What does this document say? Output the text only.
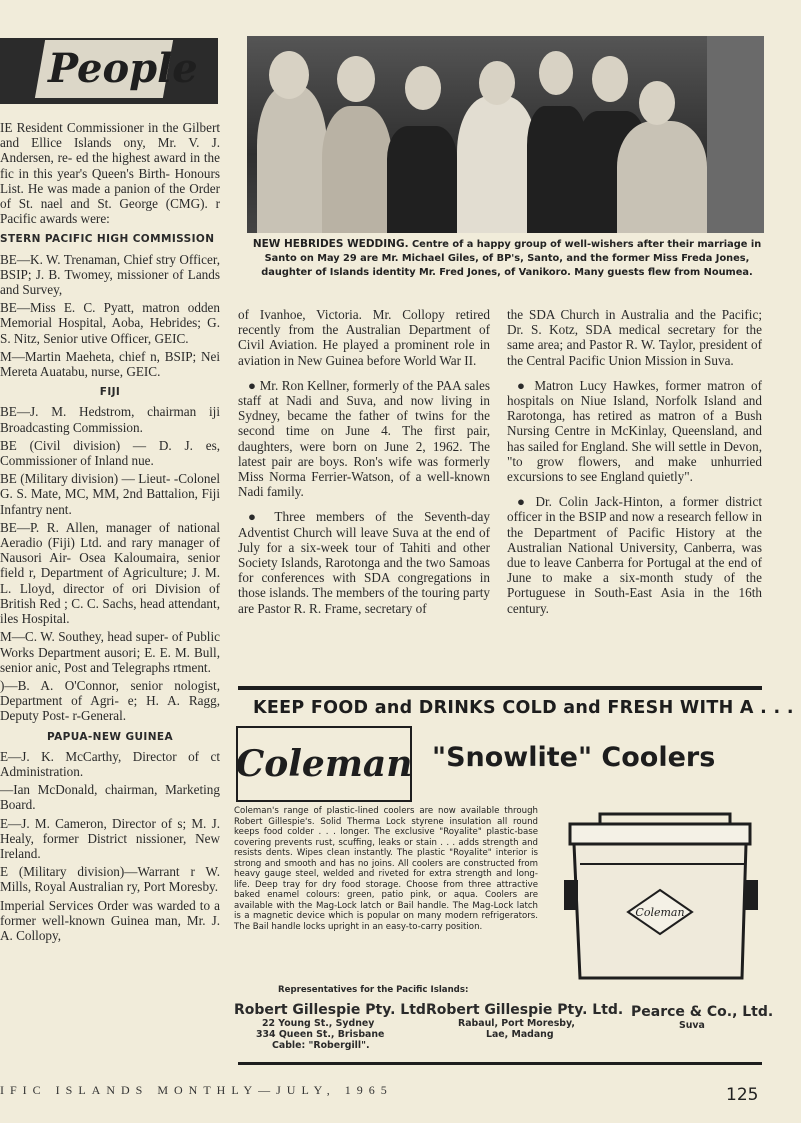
People

IE Resident Commissioner in the Gilbert and Ellice Islands ony, Mr. V. J. Andersen, re- ed the highest award in the fic in this year's Queen's Birth- Honours List. He was made a panion of the Order of St. nael and St. George (CMG). r Pacific awards were:

STERN PACIFIC HIGH COMMISSION

BE—K. W. Trenaman, Chief stry Officer, BSIP; J. B. Twomey, missioner of Lands and Survey,

BE—Miss E. C. Pyatt, matron odden Memorial Hospital, Aoba, Hebrides; G. S. Nitz, Senior utive Officer, GEIC.

M—Martin Maeheta, chief n, BSIP; Nei Mereta Auatabu, nurse, GEIC.

FIJI

BE—J. M. Hedstrom, chairman iji Broadcasting Commission.

BE (Civil division) — D. J. es, Commissioner of Inland nue.

BE (Military division) — Lieut- -Colonel G. S. Mate, MC, MM, 2nd Battalion, Fiji Infantry nent.

BE—P. R. Allen, manager of national Aeradio (Fiji) Ltd. and rary manager of Nausori Air- Osea Kaloumaira, senior field r, Department of Agriculture; J. M. L. Lloyd, director of ori Division of British Red ; C. C. Sachs, head attendant, iles Hospital.

M—C. W. Southey, head super- of Public Works Department ausori; E. E. M. Bull, senior anic, Post and Telegraphs rtment.

)—B. A. O'Connor, senior nologist, Department of Agri- e; H. A. Ragg, Deputy Post- r-General.

PAPUA-NEW GUINEA

E—J. K. McCarthy, Director of ct Administration.

—Ian McDonald, chairman, Marketing Board.

E—J. M. Cameron, Director of s; M. J. Healy, former District nissioner, New Ireland.

E (Military division)—Warrant r W. Mills, Royal Australian ry, Port Moresby.

Imperial Services Order was warded to a former well-known Guinea man, Mr. J. A. Collopy,

NEW HEBRIDES WEDDING. Centre of a happy group of well-wishers after their marriage in Santo on May 29 are Mr. Michael Giles, of BP's, Santo, and the former Miss Freda Jones, daughter of Islands identity Mr. Fred Jones, of Vanikoro. Many guests flew from Noumea.

of Ivanhoe, Victoria. Mr. Collopy retired recently from the Australian Department of Civil Aviation. He played a prominent role in aviation in New Guinea before World War II.

● Mr. Ron Kellner, formerly of the PAA sales staff at Nadi and Suva, and now living in Sydney, became the father of twins for the second time on June 4. The first pair, daughters, were born on June 2, 1962. The latest pair are boys. Ron's wife was formerly Miss Norma Ferrier-Watson, of a well-known Nadi family.

● Three members of the Seventh-day Adventist Church will leave Suva at the end of July for a six-week tour of Tahiti and other Society Islands, Rarotonga and the two Samoas for conferences with SDA congregations in those islands. The members of the touring party are Pastor R. R. Frame, secretary of

the SDA Church in Australia and the Pacific; Dr. S. Kotz, SDA medical secretary for the same area; and Pastor R. W. Taylor, president of the Central Pacific Union Mission in Suva.

● Matron Lucy Hawkes, former matron of hospitals on Niue Island, Norfolk Island and Rarotonga, has retired as matron of a Bush Nursing Centre in McKinlay, Queensland, and has sailed for England. She will settle in Devon, "to grow flowers, and make unhurried excursions to see England quietly".

● Dr. Colin Jack-Hinton, a former district officer in the BSIP and now a research fellow in the Department of Pacific History at the Australian National University, Canberra, was due to leave Canberra for Portugal at the end of June to make a six-month study of the Portuguese in South-East Asia in the 16th century.

KEEP FOOD and DRINKS COLD and FRESH WITH A . . .
Coleman "Snowlite" Coolers
Coleman's range of plastic-lined coolers are now available through Robert Gillespie's. Solid Therma Lock styrene insulation all round keeps food colder . . . longer. The exclusive "Royalite" plastic-base covering prevents rust, scuffing, leaks or stain . . . adds strength and resists dents. Wipes clean instantly. The plastic "Royalite" interior is strong and smooth and has no joins. All coolers are constructed from heavy gauge steel, welded and riveted for extra strength and long-life. Deep tray for dry food storage. Choose from three attractive baked enamel colours: green, patio pink, or aqua. Coolers are available with the Mag-Lock latch or Bail handle. The Mag-Lock latch is a magnetic device which is popular on many modern refrigerators. The Bail handle locks upright in an easy-to-carry position.
Coleman
Representatives for the Pacific Islands:
Robert Gillespie Pty. Ltd.
22 Young St., Sydney
334 Queen St., Brisbane
Cable: "Robergill".
Robert Gillespie Pty. Ltd.
Rabaul, Port Moresby,
Lae, Madang
Pearce & Co., Ltd.
Suva
IFIC ISLANDS MONTHLY—JULY, 1965	125
